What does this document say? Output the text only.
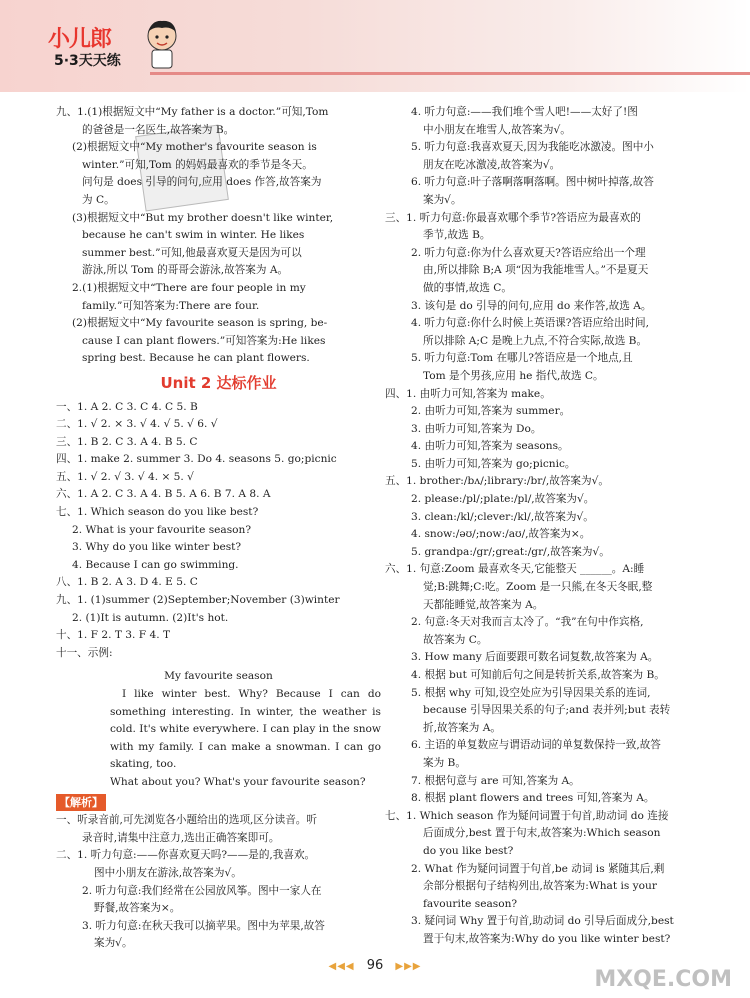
小儿郎
5·3天天练
九、1.(1)根据短文中“My father is a doctor.”可知,Tom
的爸爸是一名医生,故答案为 B。
(2)根据短文中“My mother's favourite season is
winter.”可知,Tom 的妈妈最喜欢的季节是冬天。
问句是 does 引导的问句,应用 does 作答,故答案为
为 C。
(3)根据短文中“But my brother doesn't like winter,
because he can't swim in winter. He likes
summer best.”可知,他最喜欢夏天是因为可以
游泳,所以 Tom 的哥哥会游泳,故答案为 A。
2.(1)根据短文中“There are four people in my
family.”可知答案为:There are four.
(2)根据短文中“My favourite season is spring, be-
cause I can plant flowers.”可知答案为:He likes
spring best. Because he can plant flowers.
Unit 2 达标作业
一、1. A 2. C 3. C 4. C 5. B
二、1. √ 2. × 3. √ 4. √ 5. √ 6. √
三、1. B 2. C 3. A 4. B 5. C
四、1. make 2. summer 3. Do 4. seasons 5. go;picnic
五、1. √ 2. √ 3. √ 4. × 5. √
六、1. A 2. C 3. A 4. B 5. A 6. B 7. A 8. A
七、1. Which season do you like best?
2. What is your favourite season?
3. Why do you like winter best?
4. Because I can go swimming.
八、1. B 2. A 3. D 4. E 5. C
九、1. (1)summer (2)September;November (3)winter
2. (1)It is autumn. (2)It's hot.
十、1. F 2. T 3. F 4. T
十一、示例:
My favourite season
I like winter best. Why? Because I can do something interesting. In winter, the weather is cold. It's white everywhere. I can play in the snow with my family. I can make a snowman. I can go skating, too.
What about you? What's your favourite season?
【解析】
一、听录音前,可先浏览各小题给出的选项,区分读音。听
录音时,请集中注意力,选出正确答案即可。
二、1. 听力句意:——你喜欢夏天吗?——是的,我喜欢。
图中小朋友在游泳,故答案为√。
2. 听力句意:我们经常在公园放风筝。图中一家人在
野餐,故答案为×。
3. 听力句意:在秋天我可以摘苹果。图中为苹果,故答
案为√。
4. 听力句意:——我们堆个雪人吧!——太好了!图
中小朋友在堆雪人,故答案为√。
5. 听力句意:我喜欢夏天,因为我能吃冰激凌。图中小
朋友在吃冰激凌,故答案为√。
6. 听力句意:叶子落啊落啊落啊。图中树叶掉落,故答
案为√。
三、1. 听力句意:你最喜欢哪个季节?答语应为最喜欢的
季节,故选 B。
2. 听力句意:你为什么喜欢夏天?答语应给出一个理
由,所以排除 B;A 项“因为我能堆雪人。”不是夏天
做的事情,故选 C。
3. 该句是 do 引导的问句,应用 do 来作答,故选 A。
4. 听力句意:你什么时候上英语课?答语应给出时间,
所以排除 A;C 是晚上九点,不符合实际,故选 B。
5. 听力句意:Tom 在哪儿?答语应是一个地点,且
Tom 是个男孩,应用 he 指代,故选 C。
四、1. 由听力可知,答案为 make。
2. 由听力可知,答案为 summer。
3. 由听力可知,答案为 Do。
4. 由听力可知,答案为 seasons。
5. 由听力可知,答案为 go;picnic。
五、1. brother:/bʌ/;library:/br/,故答案为√。
2. please:/pl/;plate:/pl/,故答案为√。
3. clean:/kl/;clever:/kl/,故答案为√。
4. snow:/əʊ/;now:/aʊ/,故答案为×。
5. grandpa:/gr/;great:/gr/,故答案为√。
六、1. 句意:Zoom 最喜欢冬天,它能整天 ______。A:睡
觉;B:跳舞;C:吃。Zoom 是一只熊,在冬天冬眠,整
天都能睡觉,故答案为 A。
2. 句意:冬天对我而言太冷了。“我”在句中作宾格,
故答案为 C。
3. How many 后面要跟可数名词复数,故答案为 A。
4. 根据 but 可知前后句之间是转折关系,故答案为 B。
5. 根据 why 可知,设空处应为引导因果关系的连词,
because 引导因果关系的句子;and 表并列;but 表转
折,故答案为 A。
6. 主语的单复数应与谓语动词的单复数保持一致,故答
案为 B。
7. 根据句意与 are 可知,答案为 A。
8. 根据 plant flowers and trees 可知,答案为 A。
七、1. Which season 作为疑问词置于句首,助动词 do 连接
后面成分,best 置于句末,故答案为:Which season
do you like best?
2. What 作为疑问词置于句首,be 动词 is 紧随其后,剩
余部分根据句子结构列出,故答案为:What is your
favourite season?
3. 疑问词 Why 置于句首,助动词 do 引导后面成分,best
置于句末,故答案为:Why do you like winter best?
◀◀◀ 96 ▶▶▶
MXQE.COM
